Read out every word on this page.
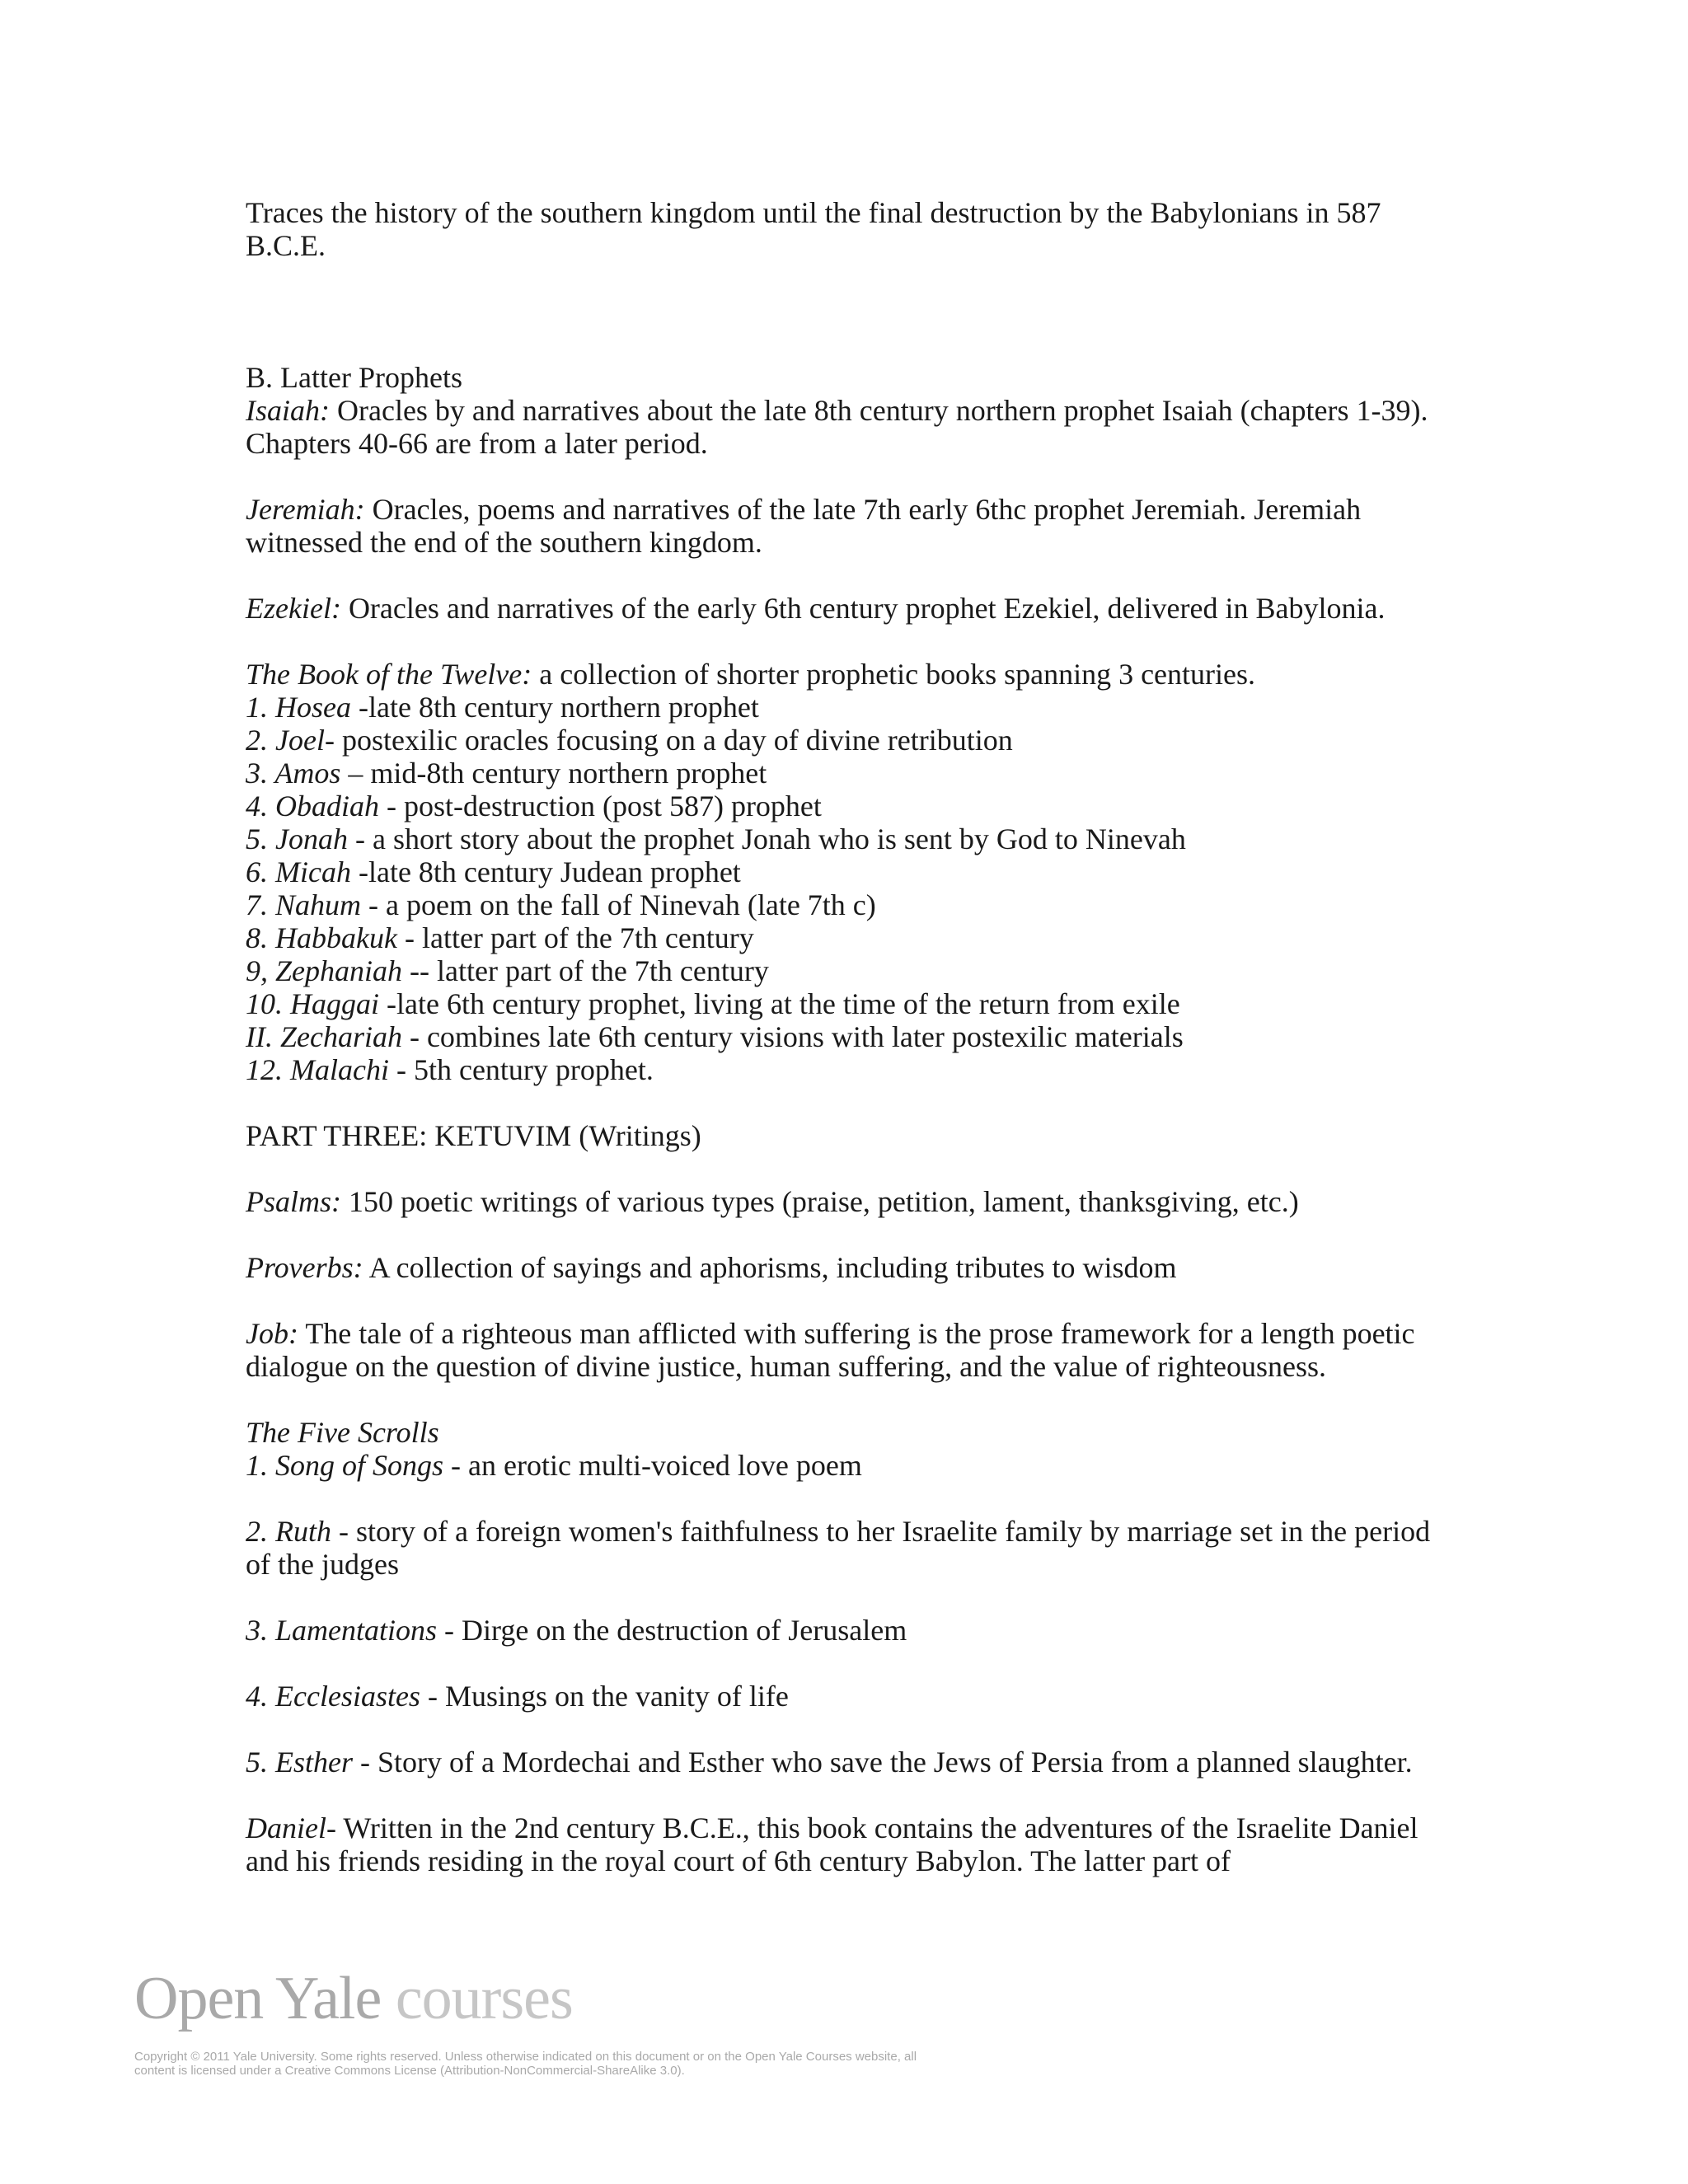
Traces the history of the southern kingdom until the final destruction by the Babylonians in 587 B.C.E.

B. Latter Prophets

Isaiah: Oracles by and narratives about the late 8th century northern prophet Isaiah (chapters 1-39). Chapters 40-66 are from a later period.

Jeremiah: Oracles, poems and narratives of the late 7th early 6thc prophet Jeremiah. Jeremiah witnessed the end of the southern kingdom.

Ezekiel: Oracles and narratives of the early 6th century prophet Ezekiel, delivered in Babylonia.

The Book of the Twelve: a collection of shorter prophetic books spanning 3 centuries.

1. Hosea -late 8th century northern prophet

2. Joel- postexilic oracles focusing on a day of divine retribution

3. Amos – mid-8th century northern prophet

4. Obadiah - post-destruction (post 587) prophet

5. Jonah - a short story about the prophet Jonah who is sent by God to Ninevah

6. Micah -late 8th century Judean prophet

7. Nahum - a poem on the fall of Ninevah (late 7th c)

8. Habbakuk - latter part of the 7th century

9, Zephaniah -- latter part of the 7th century

10. Haggai -late 6th century prophet, living at the time of the return from exile

II. Zechariah - combines late 6th century visions with later postexilic materials

12. Malachi - 5th century prophet.

PART THREE: KETUVIM (Writings)

Psalms: 150 poetic writings of various types (praise, petition, lament, thanksgiving, etc.)

Proverbs: A collection of sayings and aphorisms, including tributes to wisdom

Job: The tale of a righteous man afflicted with suffering is the prose framework for a length poetic dialogue on the question of divine justice, human suffering, and the value of righteousness.

The Five Scrolls

1. Song of Songs - an erotic multi-voiced love poem

2. Ruth - story of a foreign women's faithfulness to her Israelite family by marriage set in the period of the judges

3. Lamentations - Dirge on the destruction of Jerusalem

4. Ecclesiastes - Musings on the vanity of life

5. Esther - Story of a Mordechai and Esther who save the Jews of Persia from a planned slaughter.

Daniel- Written in the 2nd century B.C.E., this book contains the adventures of the Israelite Daniel and his friends residing in the royal court of 6th century Babylon. The latter part of

Open Yale courses
Copyright © 2011 Yale University. Some rights reserved. Unless otherwise indicated on this document or on the Open Yale Courses website, all content is licensed under a Creative Commons License (Attribution-NonCommercial-ShareAlike 3.0).
